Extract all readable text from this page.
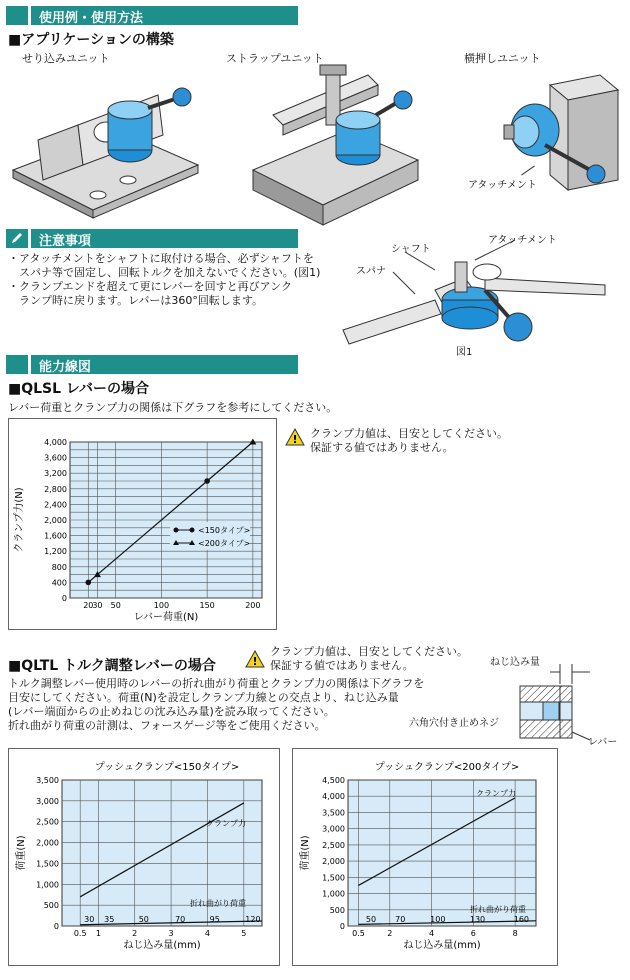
使用例・使用方法
■アプリケーションの構築
せり込みユニット	ストラップユニット	横押しユニット
アタッチメント
注意事項
・アタッチメントをシャフトに取付ける場合、必ずシャフトを
　スパナ等で固定し、回転トルクを加えないでください。(図1)
・クランプエンドを超えて更にレバーを回すと再びアンク
　ランプ時に戻ります。レバーは360°回転します。
シャフト
アタッチメント
スパナ
図1
能力線図
■QLSL レバーの場合
レバー荷重とクランプ力の関係は下グラフを参考にしてください。
0
400
800
1,200
1,600
2,000
2,400
2,800
3,200
3,600
4,000
20
30 50	100	150	200
レバー荷重(N)
クランプ力(N)	<150タイプ>
<200タイプ>
! クランプ力値は、目安としてください。
保証する値ではありません。
■QLTL トルク調整レバーの場合	!
クランプ力値は、目安としてください。
保証する値ではありません。
トルク調整レバー使用時のレバーの折れ曲がり荷重とクランプ力の関係は下グラフを
目安にしてください。荷重(N)を設定しクランプ力線との交点より、ねじ込み量
(レバー端面からの止めねじの沈み込み量)を読み取ってください。
折れ曲がり荷重の計測は、フォースゲージ等をご使用ください。
ねじ込み量
六角穴付き止めネジ
レバー
0
500
1,000
1,500
2,000
2,500
3,000
3,500
0.5 1	2	3	4	5
ねじ込み量(mm)
荷重(N)
プッシュクランプ<150タイプ>
クランプ力
折れ曲がり荷重
30 35	50	70	95	120
0
500
1,000
1,500
2,000
2,500
3,000
3,500
4,000
4,500
0.5	2	4	6	8
ねじ込み量(mm)
荷重(N)
プッシュクランプ<200タイプ>
クランプ力
折れ曲がり荷重
50 70	100	130	160
